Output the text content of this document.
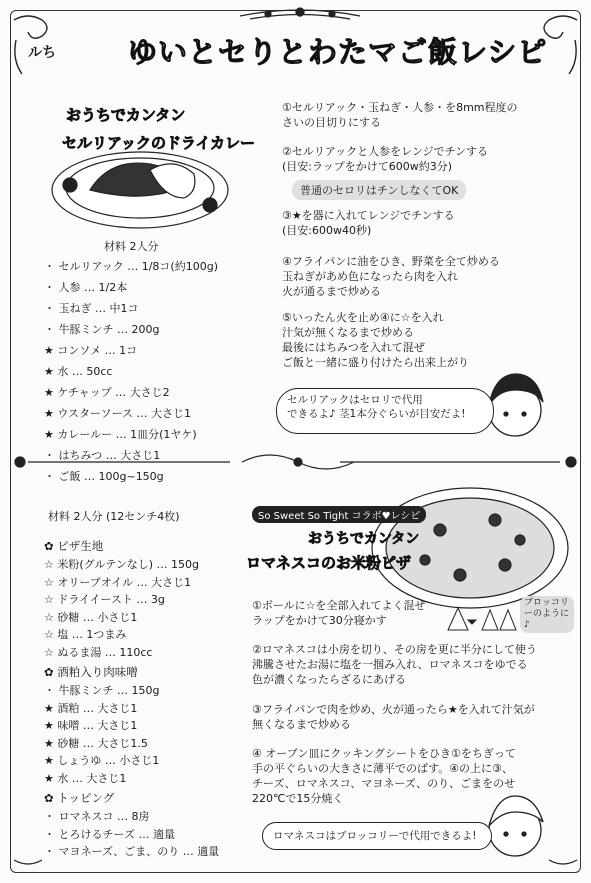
ルち ゆいとセりとわたマご飯レシピ
おうちでカンタン
セルリアックのドライカレー
材料 2人分
・ セルリアック … 1/8コ(約100g)
・ 人参 … 1/2本
・ 玉ねぎ … 中1コ
・ 牛豚ミンチ … 200g
★ コンソメ … 1コ
★ 水 … 50cc
★ ケチャップ … 大さじ2
★ ウスターソース … 大さじ1
★ カレールー … 1皿分(1ヤケ)
・ はちみつ … 大さじ1
・ ご飯 … 100g~150g
①セルリアック・玉ねぎ・人参・を8mm程度の
さいの目切りにする
②セルリアックと人参をレンジでチンする
(目安:ラップをかけて600w約3分)
普通のセロリはチンしなくてOK
③★を器に入れてレンジでチンする
(目安:600w40秒)
④フライパンに油をひき、野菜を全て炒める
玉ねぎがあめ色になったら肉を入れ
火が通るまで炒める
⑤いったん火を止め④に☆を入れ
汁気が無くなるまで炒める
最後にはちみつを入れて混ぜ
ご飯と一緒に盛り付けたら出来上がり
セルリアックはセロリで代用
できるよ♪ 茎1本分ぐらいが目安だよ!
材料 2人分 (12センチ4枚)	So Sweet So Tight コラボ♥レシピ
おうちでカンタン
ロマネスコのお米粉ピザ
✿ ピザ生地
☆ 米粉(グルテンなし) … 150g
☆ オリーブオイル … 大さじ1
☆ ドライイースト … 3g
☆ 砂糖 … 小さじ1
☆ 塩 … 1つまみ
☆ ぬるま湯 … 110cc
✿ 酒粕入り肉味噌
・ 牛豚ミンチ … 150g
★ 酒粕 … 大さじ1
★ 味噌 … 大さじ1
★ 砂糖 … 大さじ1.5
★ しょうゆ … 小さじ1
★ 水 … 大さじ1
✿ トッピング
・ ロマネスコ … 8房
・ とろけるチーズ … 適量
・ マヨネーズ、ごま、のり … 適量
①ボールに☆を全部入れてよく混ぜ
ラップをかけて30分寝かす
ブロッコリーのように♪
②ロマネスコは小房を切り、その房を更に半分にして使う
沸騰させたお湯に塩を一掴み入れ、ロマネスコをゆでる
色が濃くなったらざるにあげる
③フライパンで肉を炒め、火が通ったら★を入れて汁気が
無くなるまで炒める
④ オーブン皿にクッキングシートをひき①をちぎって
手の平ぐらいの大きさに薄平でのばす。④の上に③、
チーズ、ロマネスコ、マヨネーズ、のり、ごまをのせ
220℃で15分焼く
ロマネスコはブロッコリーで代用できるよ!
